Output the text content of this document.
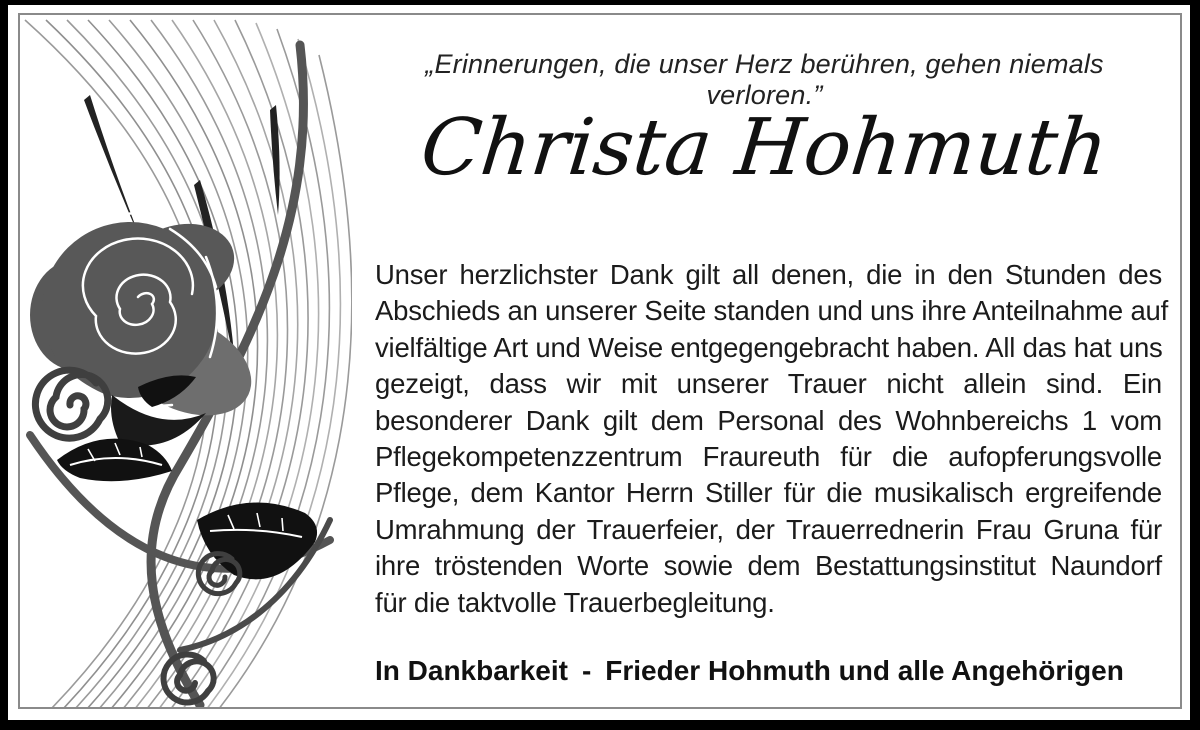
„Erinnerungen, die unser Herz berühren, gehen niemals verloren.”
Christa Hohmuth
Unser herzlichster Dank gilt all denen, die in den Stunden des
Abschieds an unserer Seite standen und uns ihre Anteilnahme auf
vielfältige Art und Weise entgegengebracht haben. All das hat uns
gezeigt, dass wir mit unserer Trauer nicht allein sind. Ein
besonderer Dank gilt dem Personal des Wohnbereichs 1 vom
Pflegekompetenzzentrum Fraureuth für die aufopferungsvolle
Pflege, dem Kantor Herrn Stiller für die musikalisch ergreifende
Umrahmung der Trauerfeier, der Trauerrednerin Frau Gruna für
ihre tröstenden Worte sowie dem Bestattungsinstitut Naundorf
für die taktvolle Trauerbegleitung.
In Dankbarkeit - Frieder Hohmuth und alle Angehörigen
